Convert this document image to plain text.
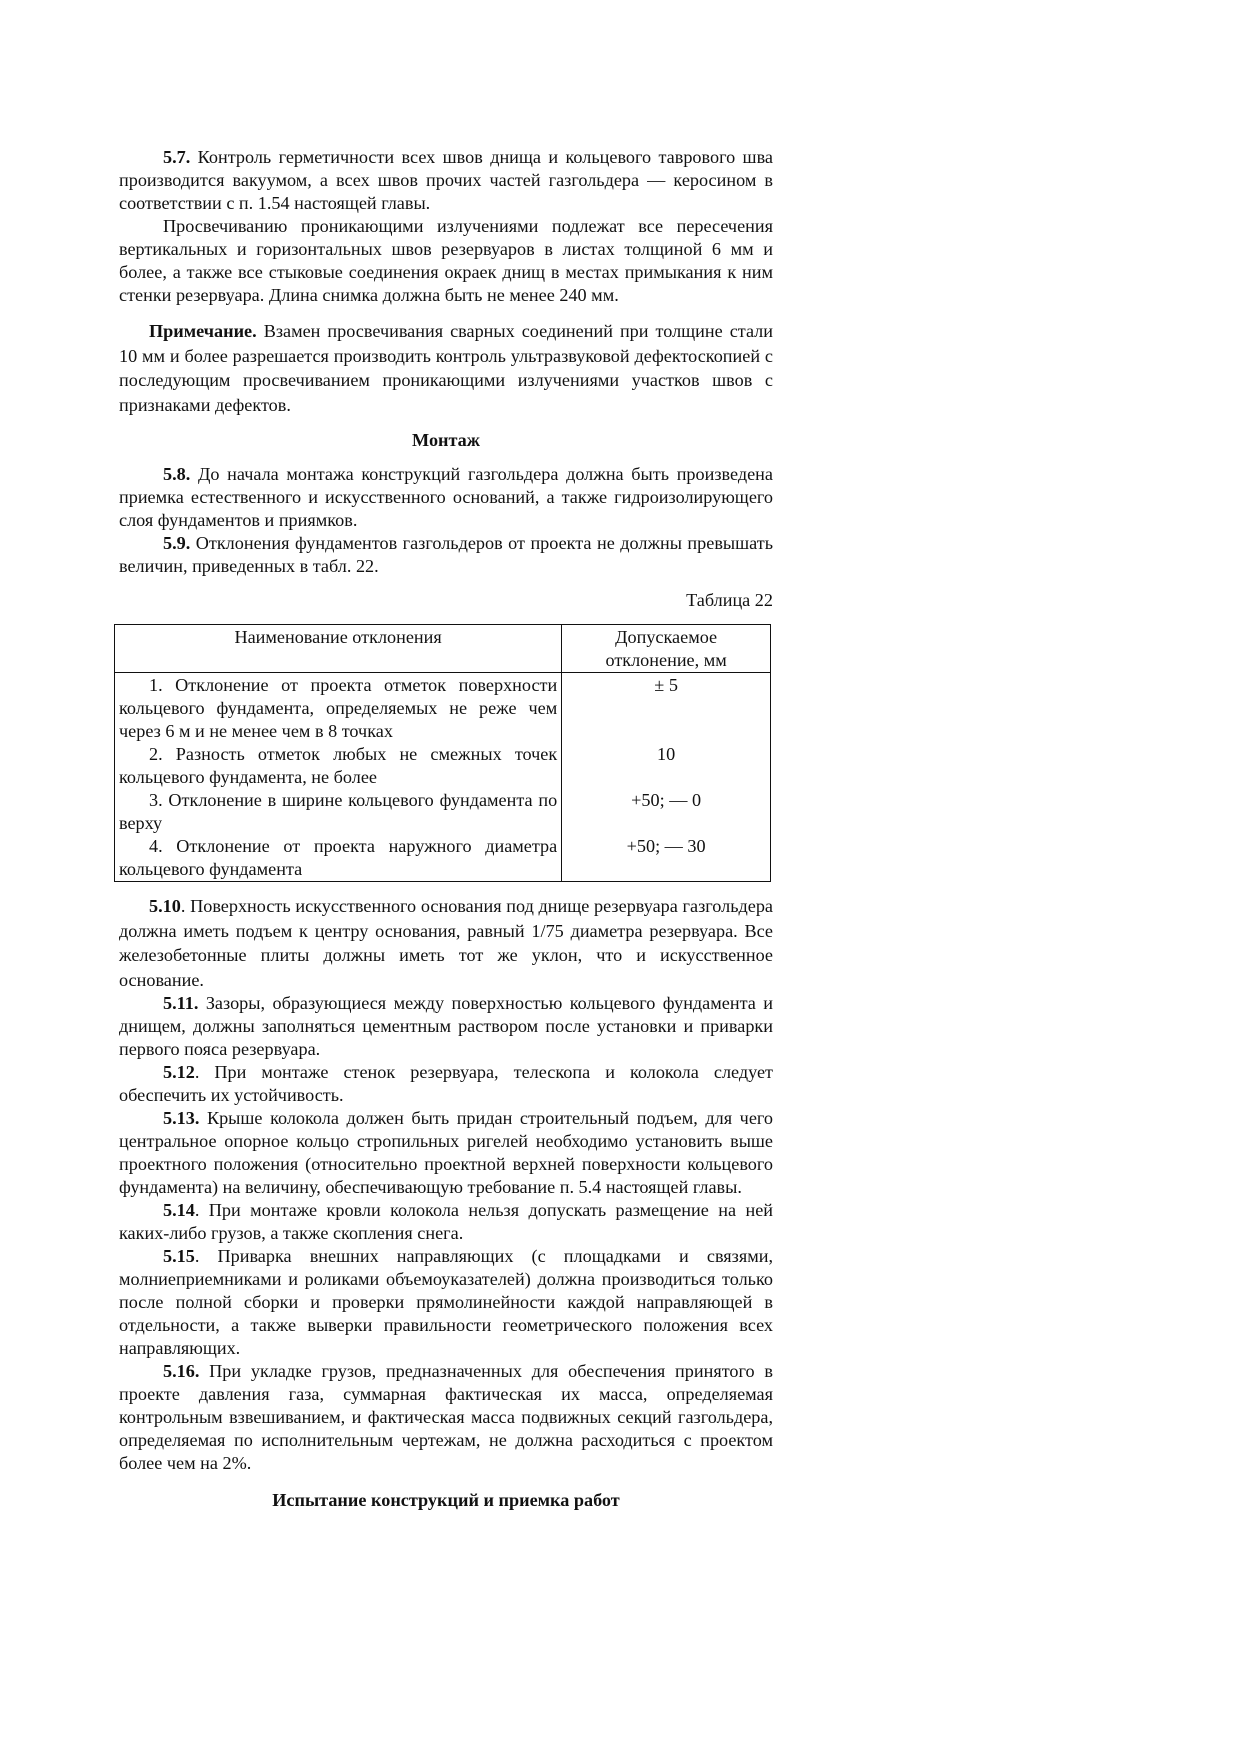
5.7. Контроль герметичности всех швов днища и кольцевого таврового шва производится вакуумом, а всех швов прочих частей газгольдера — керосином в соответствии с п. 1.54 настоящей главы.

Просвечиванию проникающими излучениями подлежат все пересечения вертикальных и горизонтальных швов резервуаров в листах толщиной 6 мм и более, а также все стыковые соединения окраек днищ в местах примыкания к ним стенки резервуара. Длина снимка должна быть не менее 240 мм.

Примечание. Взамен просвечивания сварных соединений при толщине стали 10 мм и более разрешается производить контроль ультразвуковой дефектоскопией с последующим просвечиванием проникающими излучениями участков швов с признаками дефектов.

Монтаж

5.8. До начала монтажа конструкций газгольдера должна быть произведена приемка естественного и искусственного оснований, а также гидроизолирующего слоя фундаментов и приямков.

5.9. Отклонения фундаментов газгольдеров от проекта не должны превышать величин, приведенных в табл. 22.

Таблица 22

Наименование отклонения	Допускаемое отклонение, мм

1. Отклонение от проекта отметок поверхности кольцевого фундамента, определяемых не реже чем через 6 м и не менее чем в 8 точках	± 5

2. Разность отметок любых не смежных точек кольцевого фундамента, не более	10

3. Отклонение в ширине кольцевого фундамента по верху	+50; — 0

4. Отклонение от проекта наружного диаметра кольцевого фундамента	+50; — 30

5.10. Поверхность искусственного основания под днище резервуара газгольдера должна иметь подъем к центру основания, равный 1/75 диаметра резервуара. Все железобетонные плиты должны иметь тот же уклон, что и искусственное основание.

5.11. Зазоры, образующиеся между поверхностью кольцевого фундамента и днищем, должны заполняться цементным раствором после установки и приварки первого пояса резервуара.

5.12. При монтаже стенок резервуара, телескопа и колокола следует обеспечить их устойчивость.

5.13. Крыше колокола должен быть придан строительный подъем, для чего центральное опорное кольцо стропильных ригелей необходимо установить выше проектного положения (относительно проектной верхней поверхности кольцевого фундамента) на величину, обеспечивающую требование п. 5.4 настоящей главы.

5.14. При монтаже кровли колокола нельзя допускать размещение на ней каких-либо грузов, а также скопления снега.

5.15. Приварка внешних направляющих (с площадками и связями, молниеприемниками и роликами объемоуказателей) должна производиться только после полной сборки и проверки прямолинейности каждой направляющей в отдельности, а также выверки правильности геометрического положения всех направляющих.

5.16. При укладке грузов, предназначенных для обеспечения принятого в проекте давления газа, суммарная фактическая их масса, определяемая контрольным взвешиванием, и фактическая масса подвижных секций газгольдера, определяемая по исполнительным чертежам, не должна расходиться с проектом более чем на 2%.

Испытание конструкций и приемка работ
